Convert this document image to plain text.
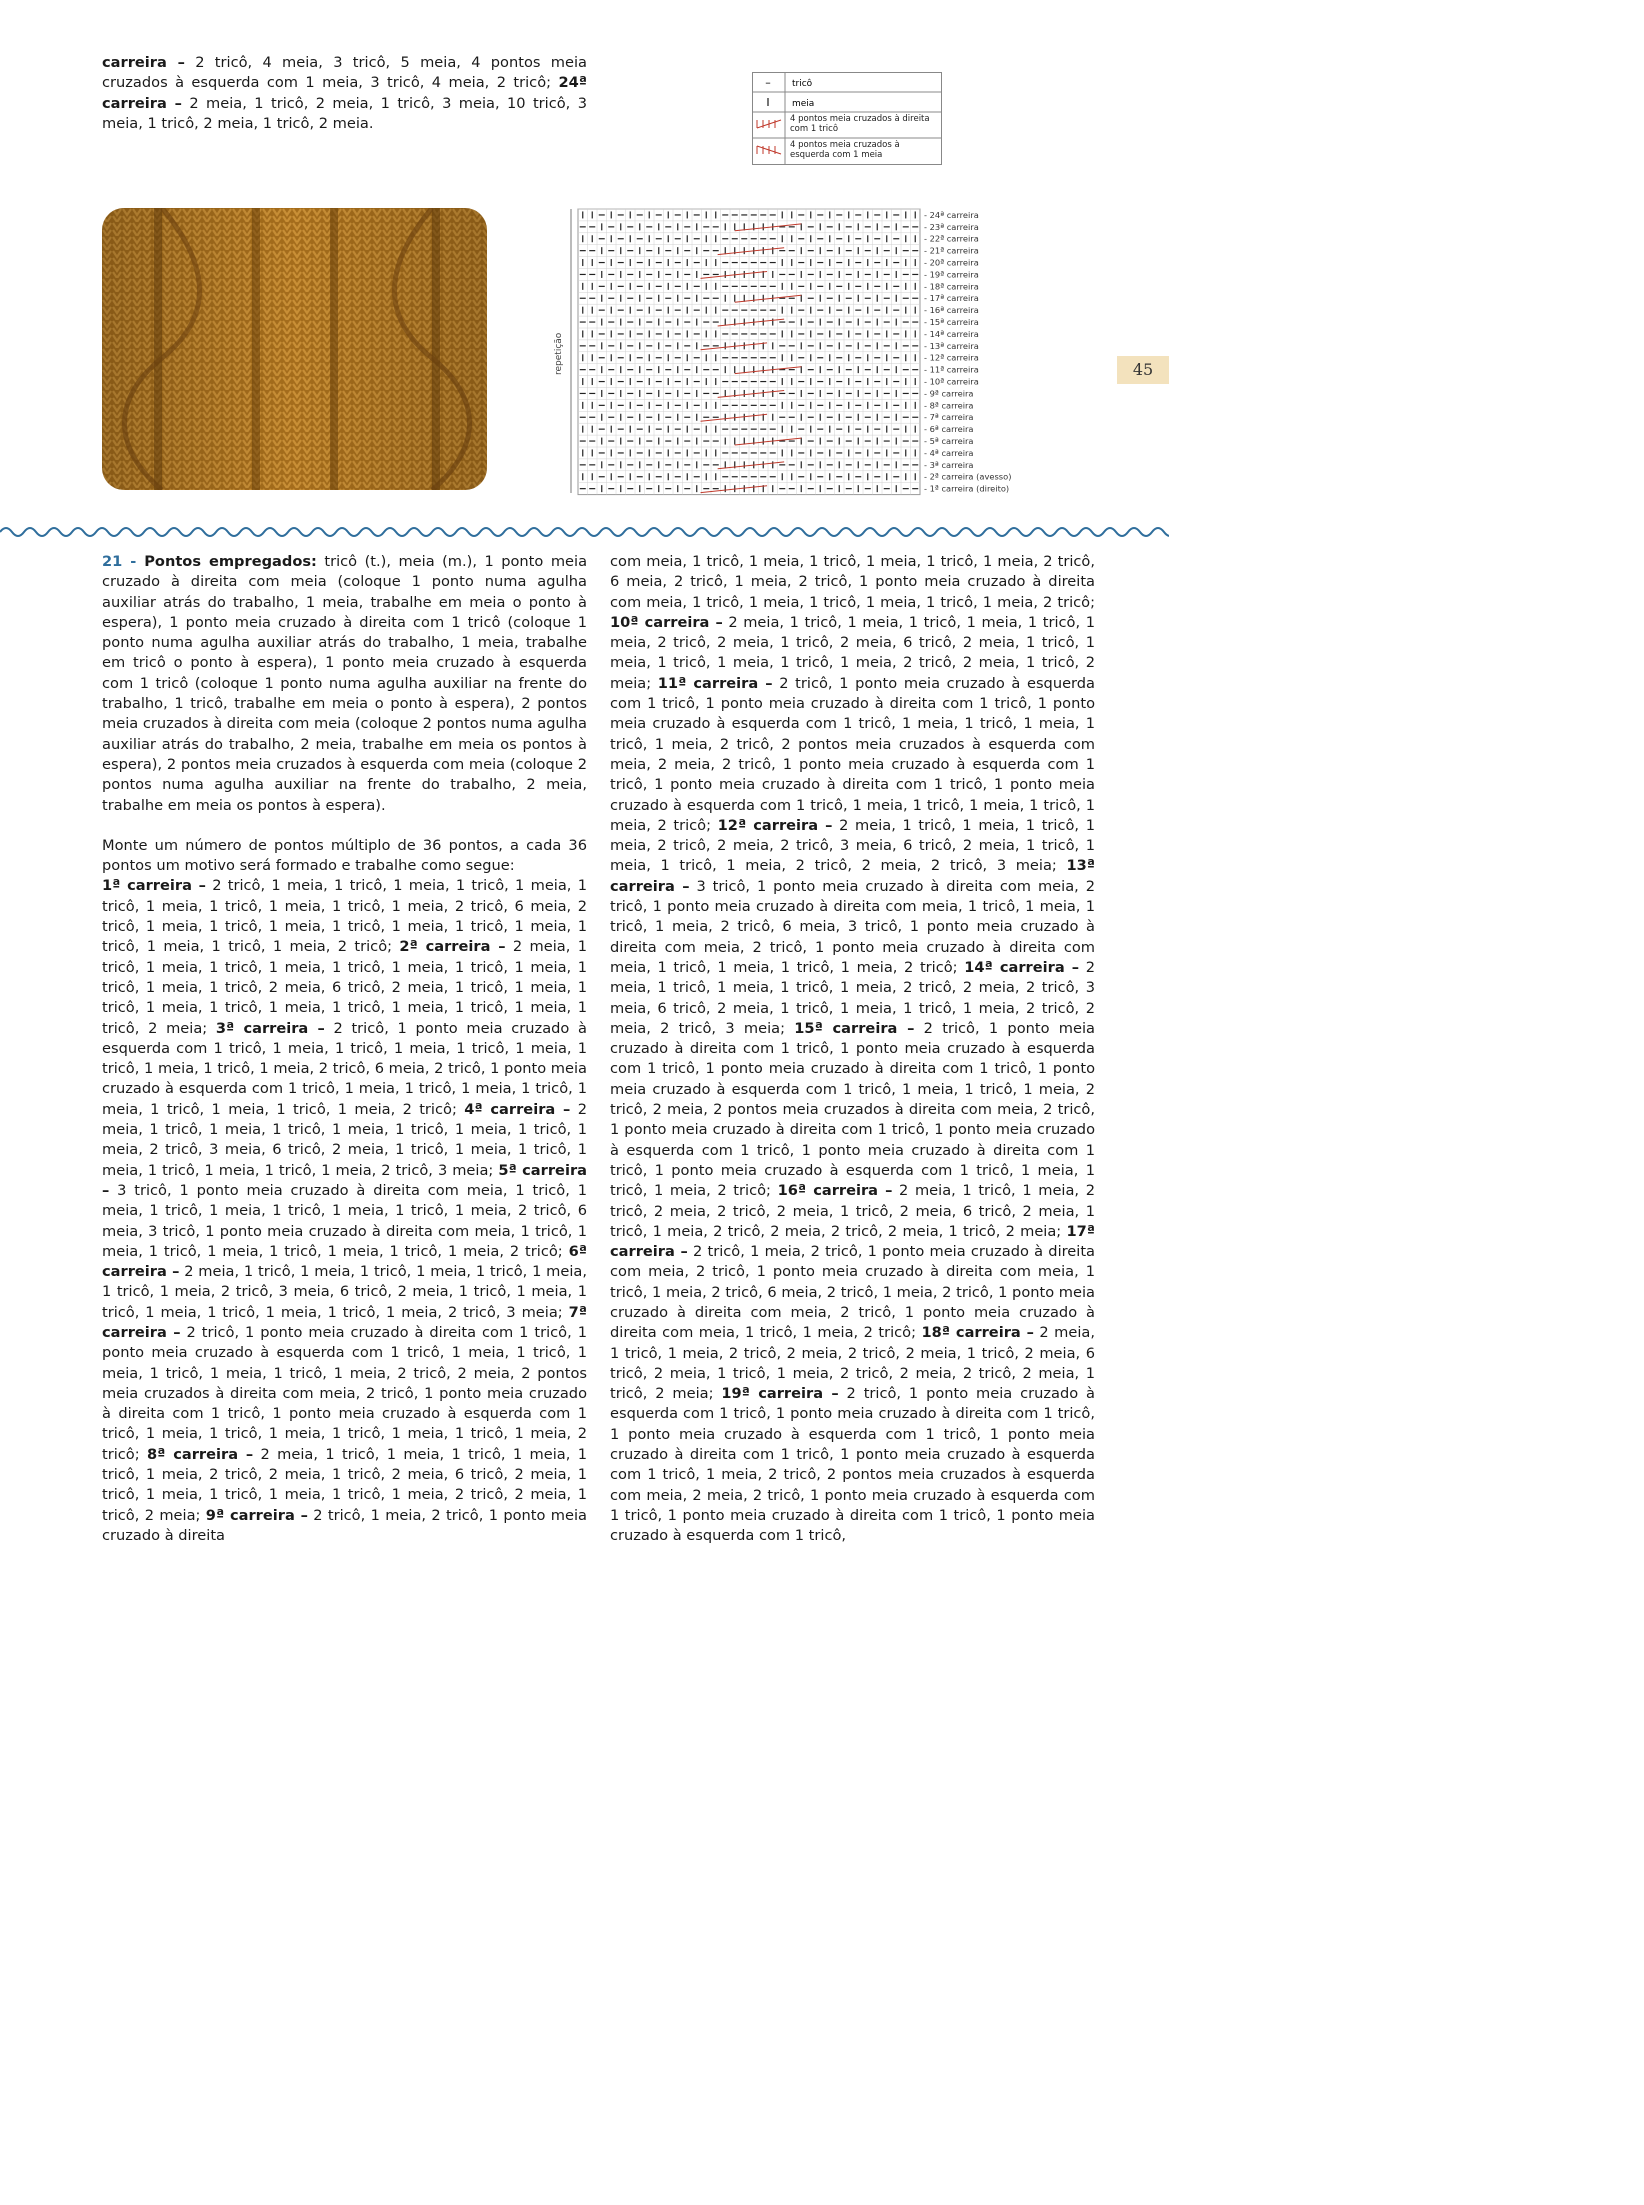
carreira – 2 tricô, 4 meia, 3 tricô, 5 meia, 4 pontos meia cruzados à esquerda com 1 meia, 3 tricô, 4 meia, 2 tricô; 24ª carreira – 2 meia, 1 tricô, 2 meia, 1 tricô, 3 meia, 10 tricô, 3 meia, 1 tricô, 2 meia, 1 tricô, 2 meia.
– tricô
I meia
4 pontos meia cruzados à direita com 1 tricô
4 pontos meia cruzados à esquerda com 1 meia
repetição
- 24ª carreira
- 23ª carreira
- 22ª carreira
- 21ª carreira
- 20ª carreira
- 19ª carreira
- 18ª carreira
- 17ª carreira
- 16ª carreira
- 15ª carreira
- 14ª carreira
- 13ª carreira
- 12ª carreira
- 11ª carreira
- 10ª carreira
- 9ª carreira
- 8ª carreira
- 7ª carreira
- 6ª carreira
- 5ª carreira
- 4ª carreira
- 3ª carreira
- 2ª carreira (avesso)
- 1ª carreira (direito)
45
21 - Pontos empregados: tricô (t.), meia (m.), 1 ponto meia cruzado à direita com meia (coloque 1 ponto numa agulha auxiliar atrás do trabalho, 1 meia, trabalhe em meia o ponto à espera), 1 ponto meia cruzado à direita com 1 tricô (coloque 1 ponto numa agulha auxiliar atrás do trabalho, 1 meia, trabalhe em tricô o ponto à espera), 1 ponto meia cruzado à esquerda com 1 tricô (coloque 1 ponto numa agulha auxiliar na frente do trabalho, 1 tricô, trabalhe em meia o ponto à espera), 2 pontos meia cruzados à direita com meia (coloque 2 pontos numa agulha auxiliar atrás do trabalho, 2 meia, trabalhe em meia os pontos à espera), 2 pontos meia cruzados à esquerda com meia (coloque 2 pontos numa agulha auxiliar na frente do trabalho, 2 meia, trabalhe em meia os pontos à espera).
Monte um número de pontos múltiplo de 36 pontos, a cada 36 pontos um motivo será formado e trabalhe como segue:
1ª carreira – 2 tricô, 1 meia, 1 tricô, 1 meia, 1 tricô, 1 meia, 1 tricô, 1 meia, 1 tricô, 1 meia, 1 tricô, 1 meia, 2 tricô, 6 meia, 2 tricô, 1 meia, 1 tricô, 1 meia, 1 tricô, 1 meia, 1 tricô, 1 meia, 1 tricô, 1 meia, 1 tricô, 1 meia, 2 tricô; 2ª carreira – 2 meia, 1 tricô, 1 meia, 1 tricô, 1 meia, 1 tricô, 1 meia, 1 tricô, 1 meia, 1 tricô, 1 meia, 1 tricô, 2 meia, 6 tricô, 2 meia, 1 tricô, 1 meia, 1 tricô, 1 meia, 1 tricô, 1 meia, 1 tricô, 1 meia, 1 tricô, 1 meia, 1 tricô, 2 meia; 3ª carreira – 2 tricô, 1 ponto meia cruzado à esquerda com 1 tricô, 1 meia, 1 tricô, 1 meia, 1 tricô, 1 meia, 1 tricô, 1 meia, 1 tricô, 1 meia, 2 tricô, 6 meia, 2 tricô, 1 ponto meia cruzado à esquerda com 1 tricô, 1 meia, 1 tricô, 1 meia, 1 tricô, 1 meia, 1 tricô, 1 meia, 1 tricô, 1 meia, 2 tricô; 4ª carreira – 2 meia, 1 tricô, 1 meia, 1 tricô, 1 meia, 1 tricô, 1 meia, 1 tricô, 1 meia, 2 tricô, 3 meia, 6 tricô, 2 meia, 1 tricô, 1 meia, 1 tricô, 1 meia, 1 tricô, 1 meia, 1 tricô, 1 meia, 2 tricô, 3 meia; 5ª carreira – 3 tricô, 1 ponto meia cruzado à direita com meia, 1 tricô, 1 meia, 1 tricô, 1 meia, 1 tricô, 1 meia, 1 tricô, 1 meia, 2 tricô, 6 meia, 3 tricô, 1 ponto meia cruzado à direita com meia, 1 tricô, 1 meia, 1 tricô, 1 meia, 1 tricô, 1 meia, 1 tricô, 1 meia, 2 tricô; 6ª carreira – 2 meia, 1 tricô, 1 meia, 1 tricô, 1 meia, 1 tricô, 1 meia, 1 tricô, 1 meia, 2 tricô, 3 meia, 6 tricô, 2 meia, 1 tricô, 1 meia, 1 tricô, 1 meia, 1 tricô, 1 meia, 1 tricô, 1 meia, 2 tricô, 3 meia; 7ª carreira – 2 tricô, 1 ponto meia cruzado à direita com 1 tricô, 1 ponto meia cruzado à esquerda com 1 tricô, 1 meia, 1 tricô, 1 meia, 1 tricô, 1 meia, 1 tricô, 1 meia, 2 tricô, 2 meia, 2 pontos meia cruzados à direita com meia, 2 tricô, 1 ponto meia cruzado à direita com 1 tricô, 1 ponto meia cruzado à esquerda com 1 tricô, 1 meia, 1 tricô, 1 meia, 1 tricô, 1 meia, 1 tricô, 1 meia, 2 tricô; 8ª carreira – 2 meia, 1 tricô, 1 meia, 1 tricô, 1 meia, 1 tricô, 1 meia, 2 tricô, 2 meia, 1 tricô, 2 meia, 6 tricô, 2 meia, 1 tricô, 1 meia, 1 tricô, 1 meia, 1 tricô, 1 meia, 2 tricô, 2 meia, 1 tricô, 2 meia; 9ª carreira – 2 tricô, 1 meia, 2 tricô, 1 ponto meia cruzado à direita
com meia, 1 tricô, 1 meia, 1 tricô, 1 meia, 1 tricô, 1 meia, 2 tricô, 6 meia, 2 tricô, 1 meia, 2 tricô, 1 ponto meia cruzado à direita com meia, 1 tricô, 1 meia, 1 tricô, 1 meia, 1 tricô, 1 meia, 2 tricô; 10ª carreira – 2 meia, 1 tricô, 1 meia, 1 tricô, 1 meia, 1 tricô, 1 meia, 2 tricô, 2 meia, 1 tricô, 2 meia, 6 tricô, 2 meia, 1 tricô, 1 meia, 1 tricô, 1 meia, 1 tricô, 1 meia, 2 tricô, 2 meia, 1 tricô, 2 meia; 11ª carreira – 2 tricô, 1 ponto meia cruzado à esquerda com 1 tricô, 1 ponto meia cruzado à direita com 1 tricô, 1 ponto meia cruzado à esquerda com 1 tricô, 1 meia, 1 tricô, 1 meia, 1 tricô, 1 meia, 2 tricô, 2 pontos meia cruzados à esquerda com meia, 2 meia, 2 tricô, 1 ponto meia cruzado à esquerda com 1 tricô, 1 ponto meia cruzado à direita com 1 tricô, 1 ponto meia cruzado à esquerda com 1 tricô, 1 meia, 1 tricô, 1 meia, 1 tricô, 1 meia, 2 tricô; 12ª carreira – 2 meia, 1 tricô, 1 meia, 1 tricô, 1 meia, 2 tricô, 2 meia, 2 tricô, 3 meia, 6 tricô, 2 meia, 1 tricô, 1 meia, 1 tricô, 1 meia, 2 tricô, 2 meia, 2 tricô, 3 meia; 13ª carreira – 3 tricô, 1 ponto meia cruzado à direita com meia, 2 tricô, 1 ponto meia cruzado à direita com meia, 1 tricô, 1 meia, 1 tricô, 1 meia, 2 tricô, 6 meia, 3 tricô, 1 ponto meia cruzado à direita com meia, 2 tricô, 1 ponto meia cruzado à direita com meia, 1 tricô, 1 meia, 1 tricô, 1 meia, 2 tricô; 14ª carreira – 2 meia, 1 tricô, 1 meia, 1 tricô, 1 meia, 2 tricô, 2 meia, 2 tricô, 3 meia, 6 tricô, 2 meia, 1 tricô, 1 meia, 1 tricô, 1 meia, 2 tricô, 2 meia, 2 tricô, 3 meia; 15ª carreira – 2 tricô, 1 ponto meia cruzado à direita com 1 tricô, 1 ponto meia cruzado à esquerda com 1 tricô, 1 ponto meia cruzado à direita com 1 tricô, 1 ponto meia cruzado à esquerda com 1 tricô, 1 meia, 1 tricô, 1 meia, 2 tricô, 2 meia, 2 pontos meia cruzados à direita com meia, 2 tricô, 1 ponto meia cruzado à direita com 1 tricô, 1 ponto meia cruzado à esquerda com 1 tricô, 1 ponto meia cruzado à direita com 1 tricô, 1 ponto meia cruzado à esquerda com 1 tricô, 1 meia, 1 tricô, 1 meia, 2 tricô; 16ª carreira – 2 meia, 1 tricô, 1 meia, 2 tricô, 2 meia, 2 tricô, 2 meia, 1 tricô, 2 meia, 6 tricô, 2 meia, 1 tricô, 1 meia, 2 tricô, 2 meia, 2 tricô, 2 meia, 1 tricô, 2 meia; 17ª carreira – 2 tricô, 1 meia, 2 tricô, 1 ponto meia cruzado à direita com meia, 2 tricô, 1 ponto meia cruzado à direita com meia, 1 tricô, 1 meia, 2 tricô, 6 meia, 2 tricô, 1 meia, 2 tricô, 1 ponto meia cruzado à direita com meia, 2 tricô, 1 ponto meia cruzado à direita com meia, 1 tricô, 1 meia, 2 tricô; 18ª carreira – 2 meia, 1 tricô, 1 meia, 2 tricô, 2 meia, 2 tricô, 2 meia, 1 tricô, 2 meia, 6 tricô, 2 meia, 1 tricô, 1 meia, 2 tricô, 2 meia, 2 tricô, 2 meia, 1 tricô, 2 meia; 19ª carreira – 2 tricô, 1 ponto meia cruzado à esquerda com 1 tricô, 1 ponto meia cruzado à direita com 1 tricô, 1 ponto meia cruzado à esquerda com 1 tricô, 1 ponto meia cruzado à direita com 1 tricô, 1 ponto meia cruzado à esquerda com 1 tricô, 1 meia, 2 tricô, 2 pontos meia cruzados à esquerda com meia, 2 meia, 2 tricô, 1 ponto meia cruzado à esquerda com 1 tricô, 1 ponto meia cruzado à direita com 1 tricô, 1 ponto meia cruzado à esquerda com 1 tricô,
